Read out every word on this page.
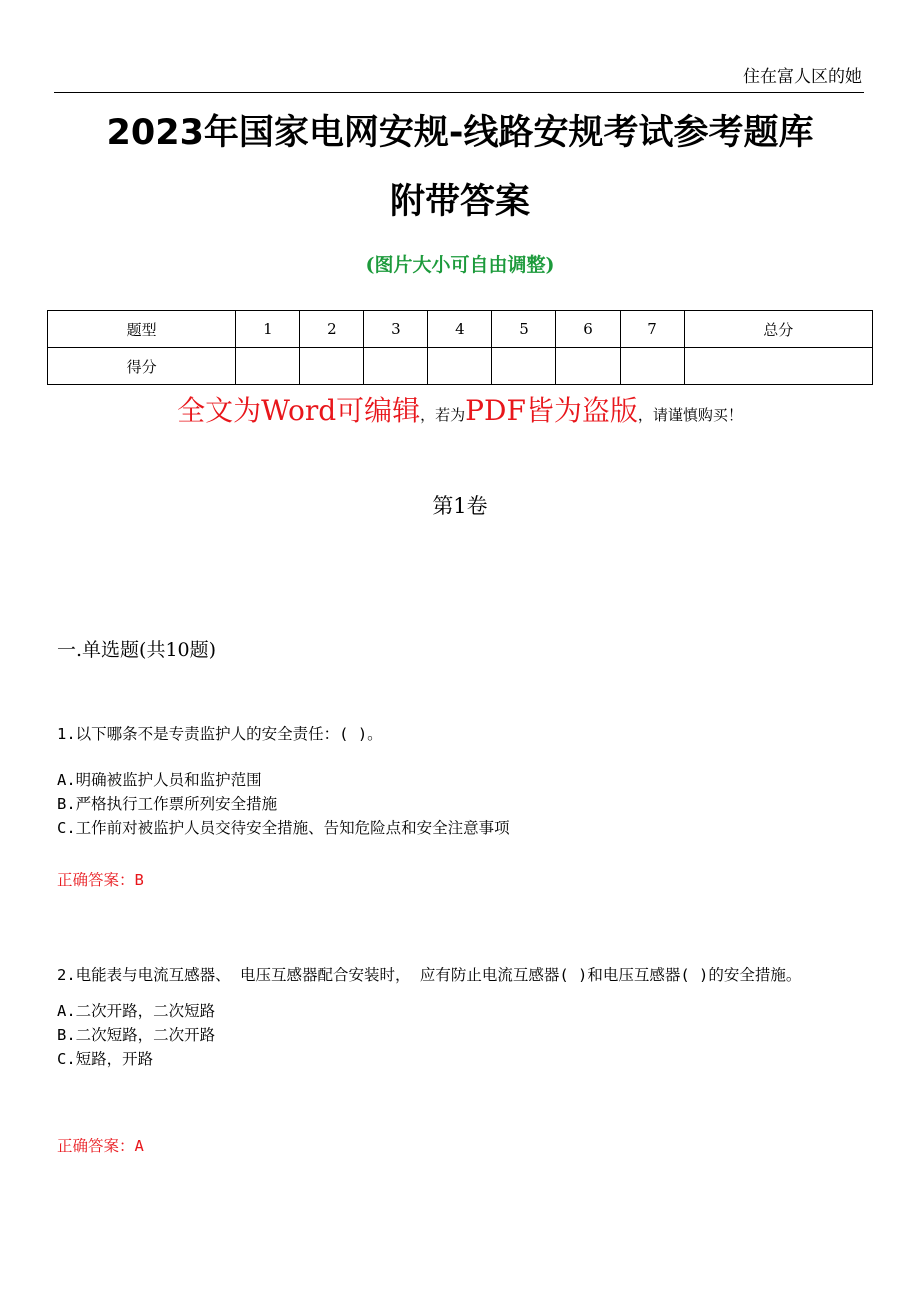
住在富人区的她
2023年国家电网安规-线路安规考试参考题库
附带答案
(图片大小可自由调整)
题型	1	2	3	4	5	6	7	总分
得分								
全文为Word可编辑，若为PDF皆为盗版，请谨慎购买！
第1卷
一.单选题(共10题)

1.以下哪条不是专责监护人的安全责任：( )。

A.明确被监护人员和监护范围

B.严格执行工作票所列安全措施

C.工作前对被监护人员交待安全措施、告知危险点和安全注意事项

正确答案：B

2.电能表与电流互感器、 电压互感器配合安装时， 应有防止电流互感器( )和电压互感器( )的安全措施。

A.二次开路，二次短路

B.二次短路，二次开路

C.短路，开路

正确答案：A
